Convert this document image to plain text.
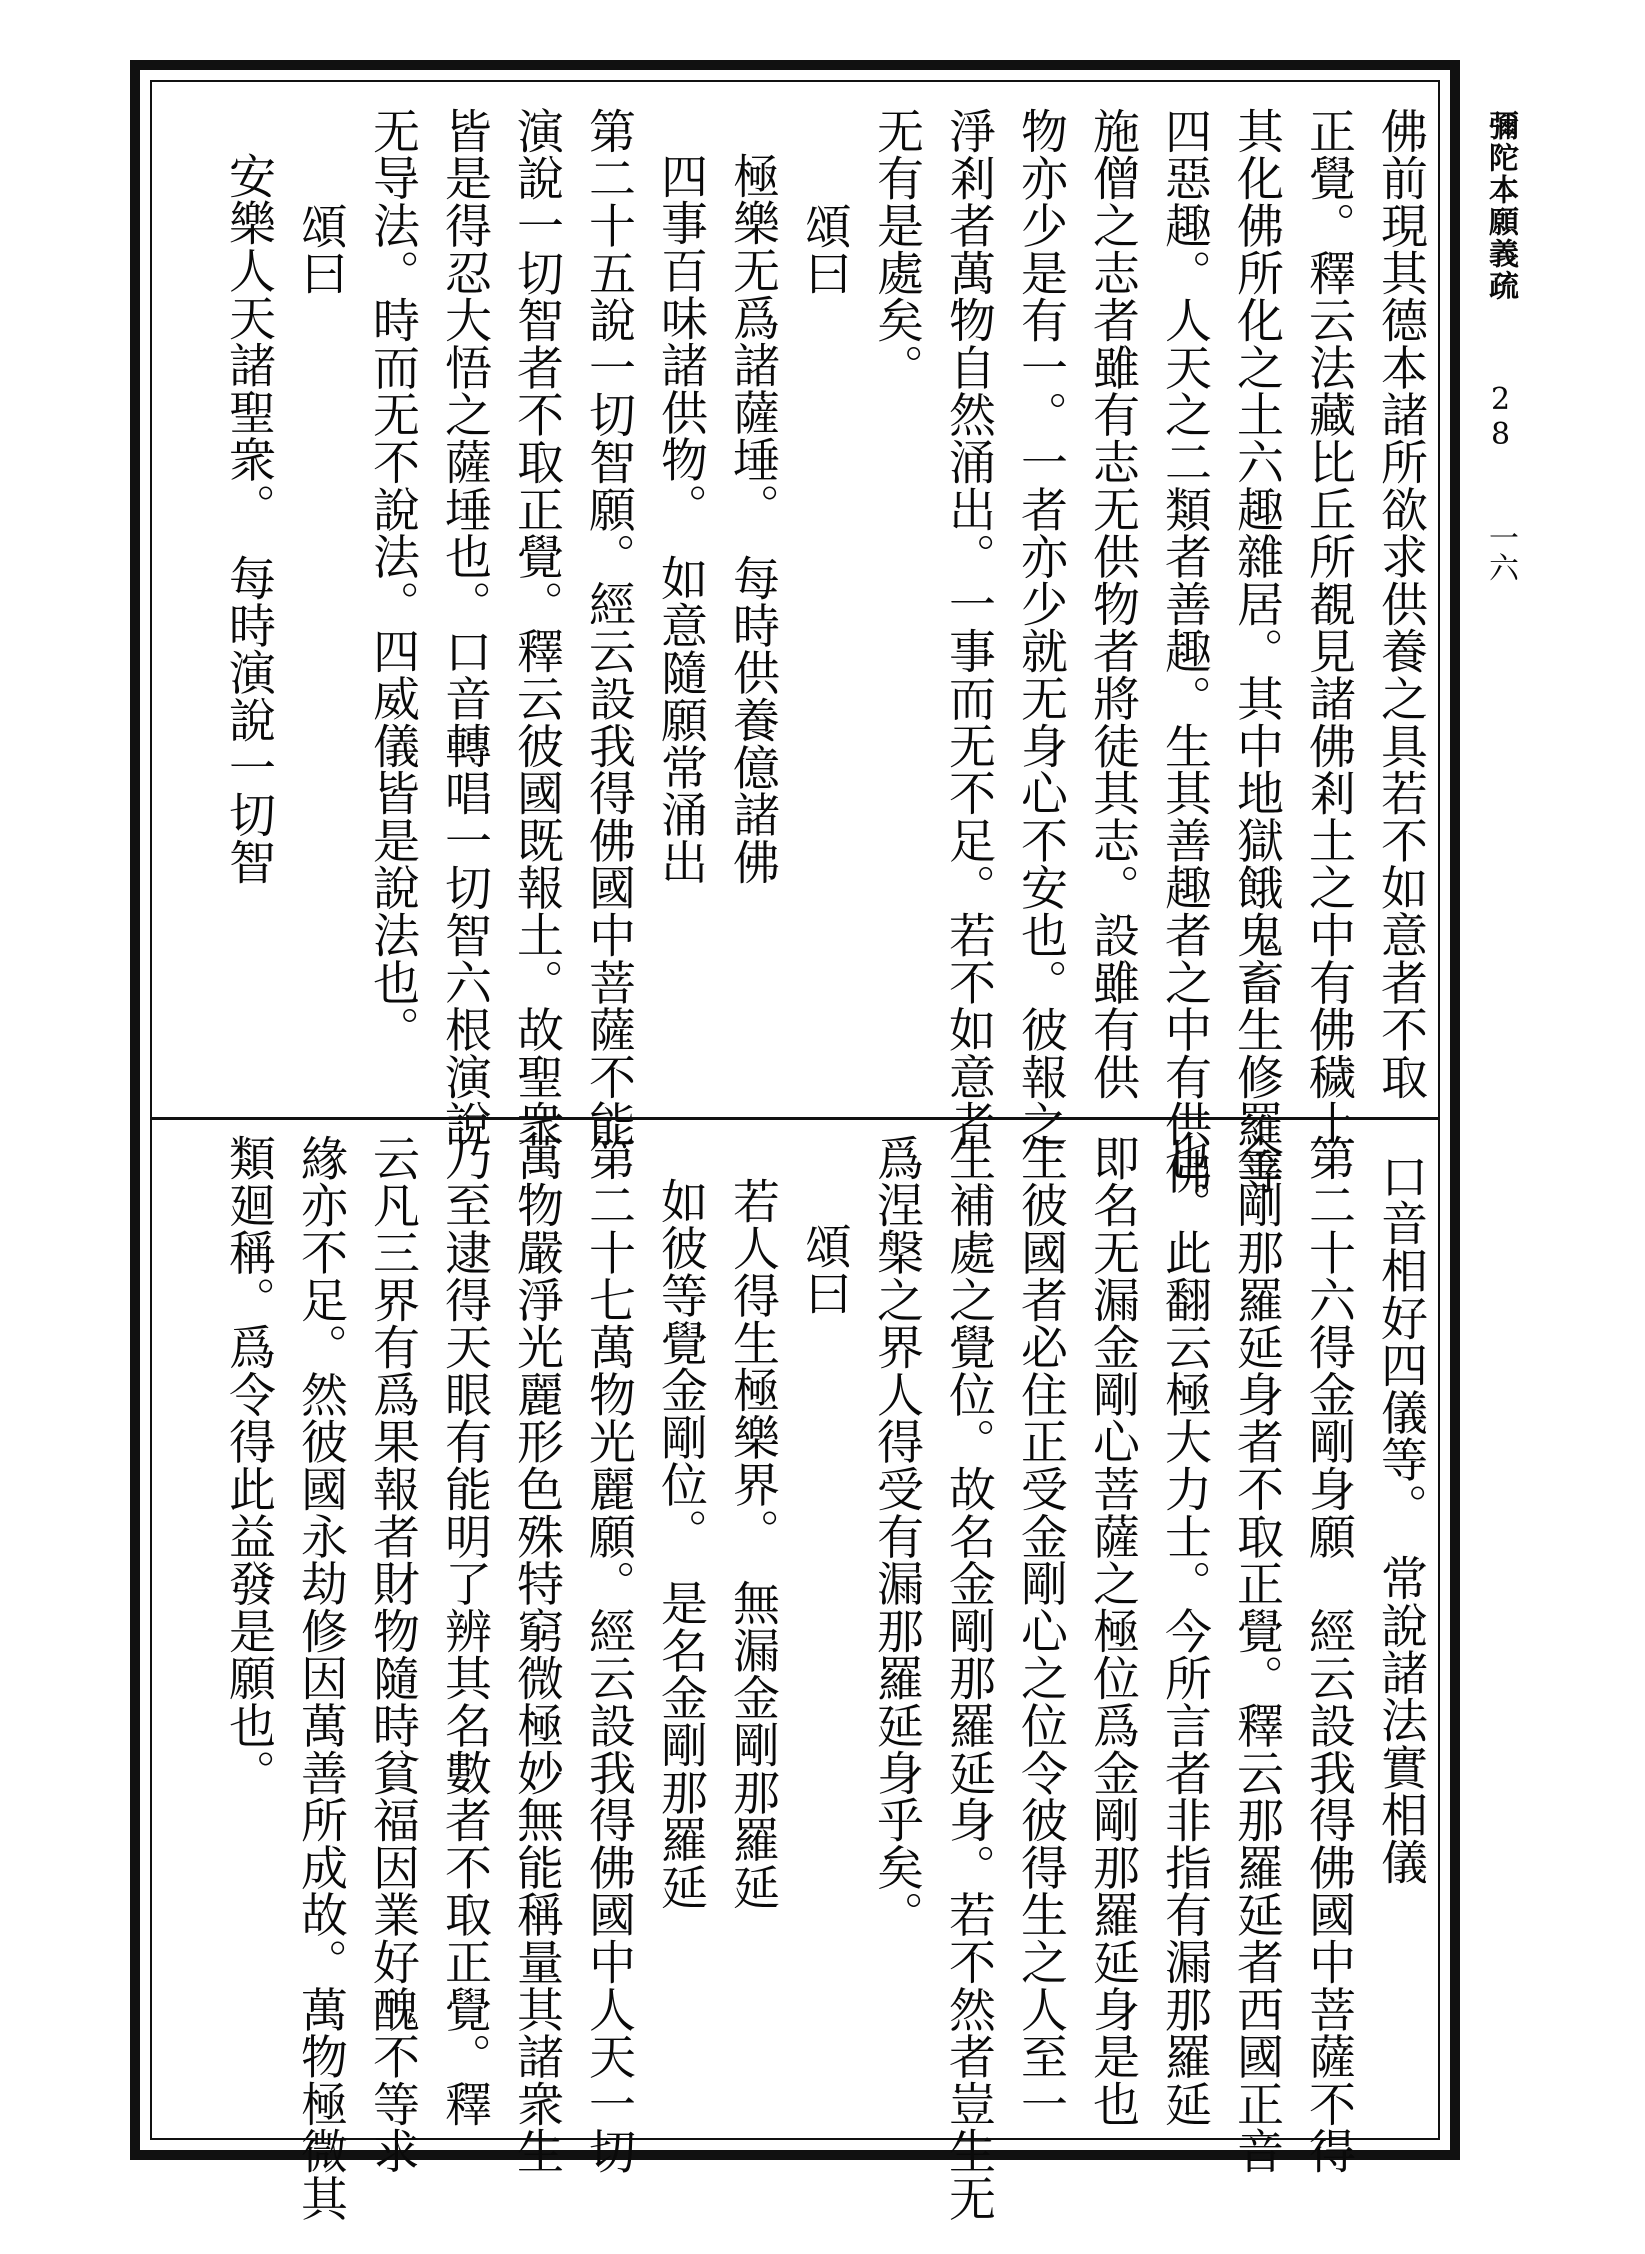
彌陀本願義疏 28 一六
佛前現其德本諸所欲求供養之具若不如意者不取
正覺。釋云法藏比丘所覩見諸佛剎土之中有佛穢土
其化佛所化之土六趣雜居。其中地獄餓鬼畜生修羅等
四惡趣。人天之二類者善趣。生其善趣者之中有供佛
施僧之志者雖有志无供物者將徒其志。設雖有供
物亦少是有一。一者亦少就无身心不安也。彼報之
淨剎者萬物自然涌出。一事而无不足。若不如意者
无有是處矣。
頌曰
極樂无爲諸薩埵。　每時供養億諸佛
四事百味諸供物。　如意隨願常涌出
第二十五說一切智願。經云設我得佛國中菩薩不能
演說一切智者不取正覺。釋云彼國既報土。故聖衆
皆是得忍大悟之薩埵也。口音轉唱一切智六根演說
无导法。時而无不說法。四威儀皆是說法也。
頌曰
安樂人天諸聖衆。　每時演說一切智
口音相好四儀等。　常說諸法實相儀
第二十六得金剛身願　經云設我得佛國中菩薩不得
金剛那羅延身者不取正覺。釋云那羅延者西國正音
也。此翻云極大力士。今所言者非指有漏那羅延
即名无漏金剛心菩薩之極位爲金剛那羅延身是也
生彼國者必住正受金剛心之位令彼得生之人至一
生補處之覺位。故名金剛那羅延身。若不然者豈生无
爲涅槃之界人得受有漏那羅延身乎矣。
頌曰
若人得生極樂界。　無漏金剛那羅延
如彼等覺金剛位。　是名金剛那羅延
第二十七萬物光麗願。經云設我得佛國中人天一切
萬物嚴淨光麗形色殊特窮微極妙無能稱量其諸衆生
乃至逮得天眼有能明了辨其名數者不取正覺。釋
云凡三界有爲果報者財物隨時貧福因業好醜不等求
緣亦不足。然彼國永劫修因萬善所成故。萬物極微其
類廻稱。爲令得此益發是願也。
